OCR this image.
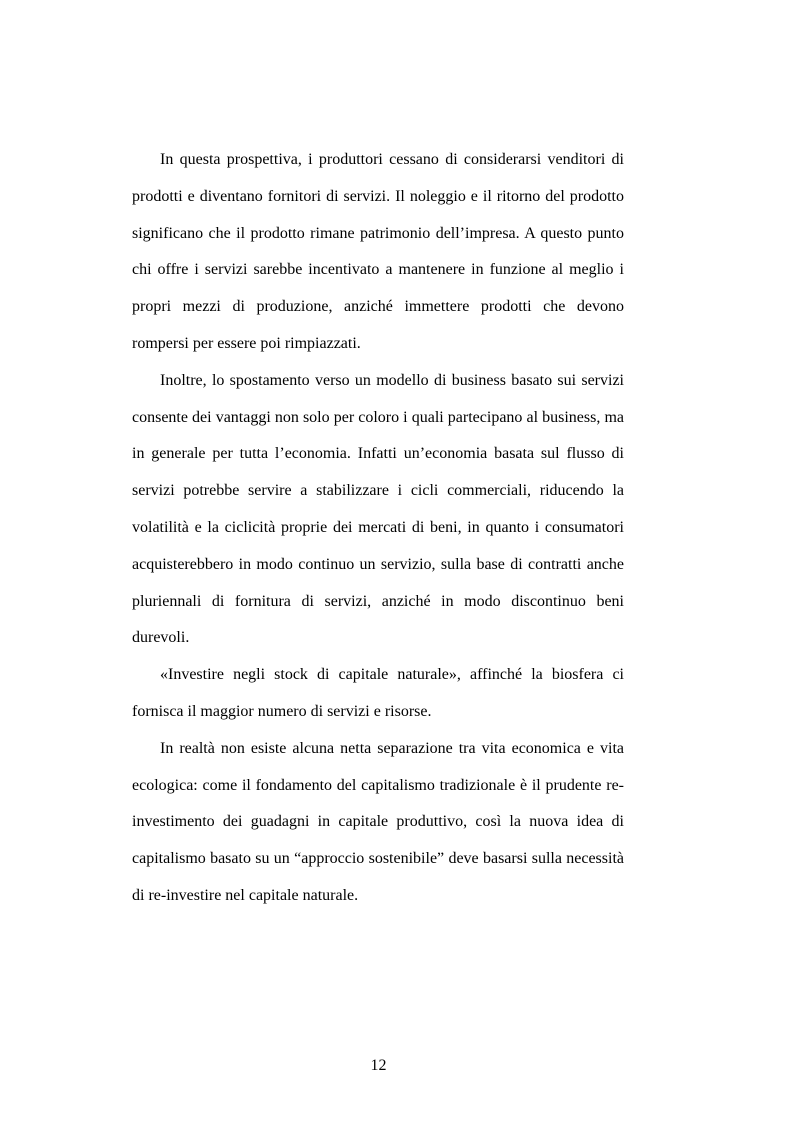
In questa prospettiva, i produttori cessano di considerarsi venditori di prodotti e diventano fornitori di servizi. Il noleggio e il ritorno del prodotto significano che il prodotto rimane patrimonio dell’impresa. A questo punto chi offre i servizi sarebbe incentivato a mantenere in funzione al meglio i propri mezzi di produzione, anziché immettere prodotti che devono rompersi per essere poi rimpiazzati.

Inoltre, lo spostamento verso un modello di business basato sui servizi consente dei vantaggi non solo per coloro i quali partecipano al business, ma in generale per tutta l’economia. Infatti un’economia basata sul flusso di servizi potrebbe servire a stabilizzare i cicli commerciali, riducendo la volatilità e la ciclicità proprie dei mercati di beni, in quanto i consumatori acquisterebbero in modo continuo un servizio, sulla base di contratti anche pluriennali di fornitura di servizi, anziché in modo discontinuo beni durevoli.

«Investire negli stock di capitale naturale», affinché la biosfera ci fornisca il maggior numero di servizi e risorse.

In realtà non esiste alcuna netta separazione tra vita economica e vita ecologica: come il fondamento del capitalismo tradizionale è il prudente re-investimento dei guadagni in capitale produttivo, così la nuova idea di capitalismo basato su un “approccio sostenibile” deve basarsi sulla necessità di re-investire nel capitale naturale.

12
